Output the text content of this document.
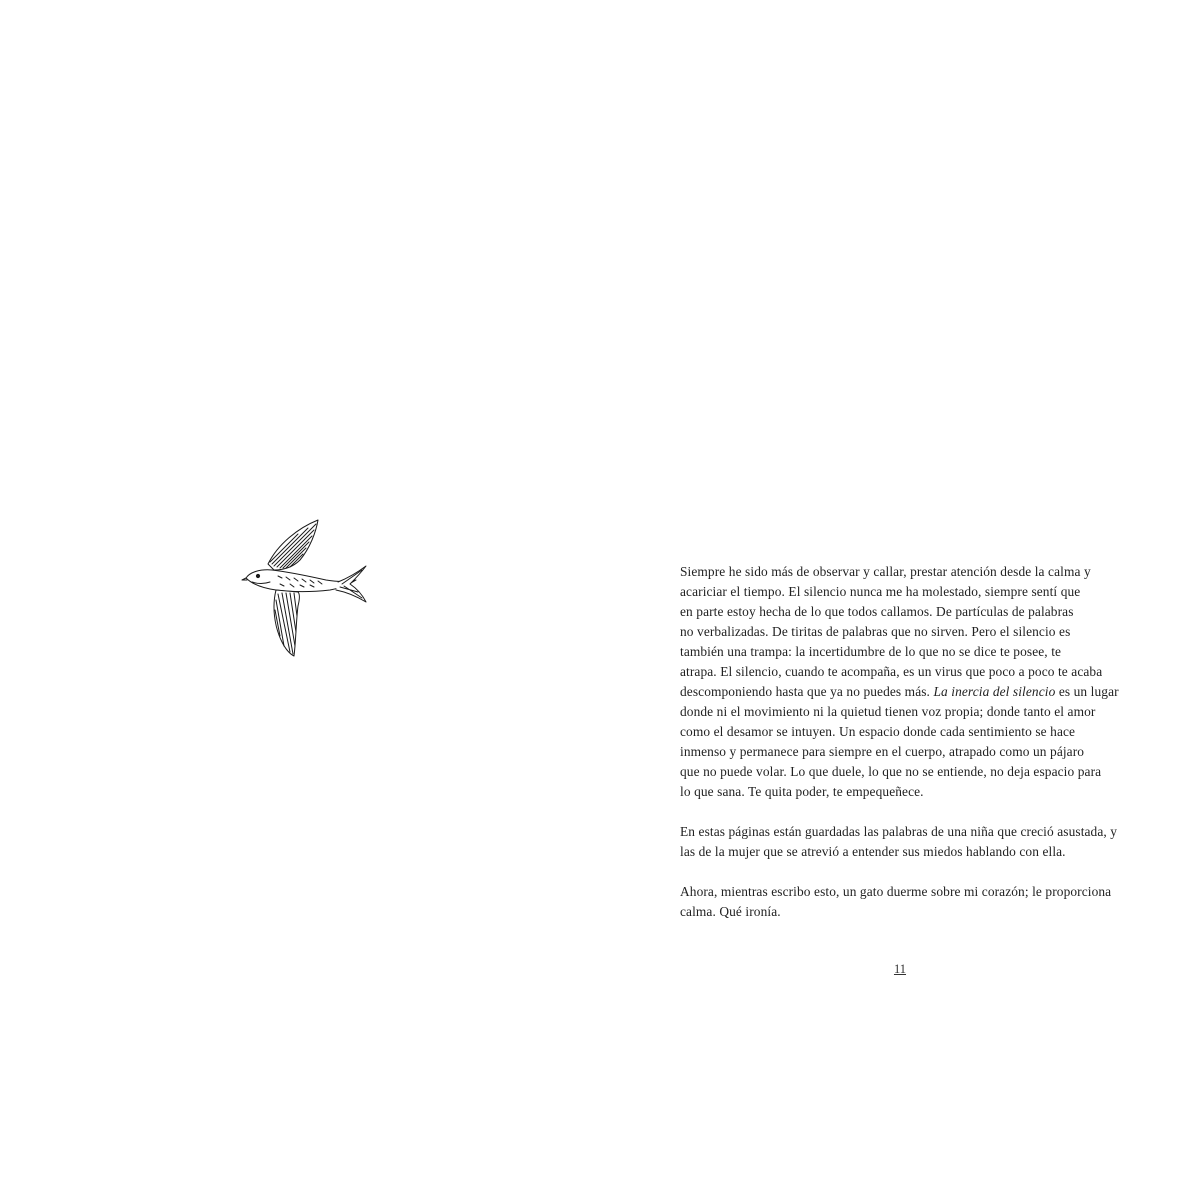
Siempre he sido más de observar y callar, prestar atención desde la calma y
acariciar el tiempo. El silencio nunca me ha molestado, siempre sentí que
en parte estoy hecha de lo que todos callamos. De partículas de palabras
no verbalizadas. De tiritas de palabras que no sirven. Pero el silencio es
también una trampa: la incertidumbre de lo que no se dice te posee, te
atrapa. El silencio, cuando te acompaña, es un virus que poco a poco te acaba
descomponiendo hasta que ya no puedes más. La inercia del silencio es un lugar
donde ni el movimiento ni la quietud tienen voz propia; donde tanto el amor
como el desamor se intuyen. Un espacio donde cada sentimiento se hace
inmenso y permanece para siempre en el cuerpo, atrapado como un pájaro
que no puede volar. Lo que duele, lo que no se entiende, no deja espacio para
lo que sana. Te quita poder, te empequeñece.

En estas páginas están guardadas las palabras de una niña que creció asustada, y
las de la mujer que se atrevió a entender sus miedos hablando con ella.

Ahora, mientras escribo esto, un gato duerme sobre mi corazón; le proporciona
calma. Qué ironía.

11
